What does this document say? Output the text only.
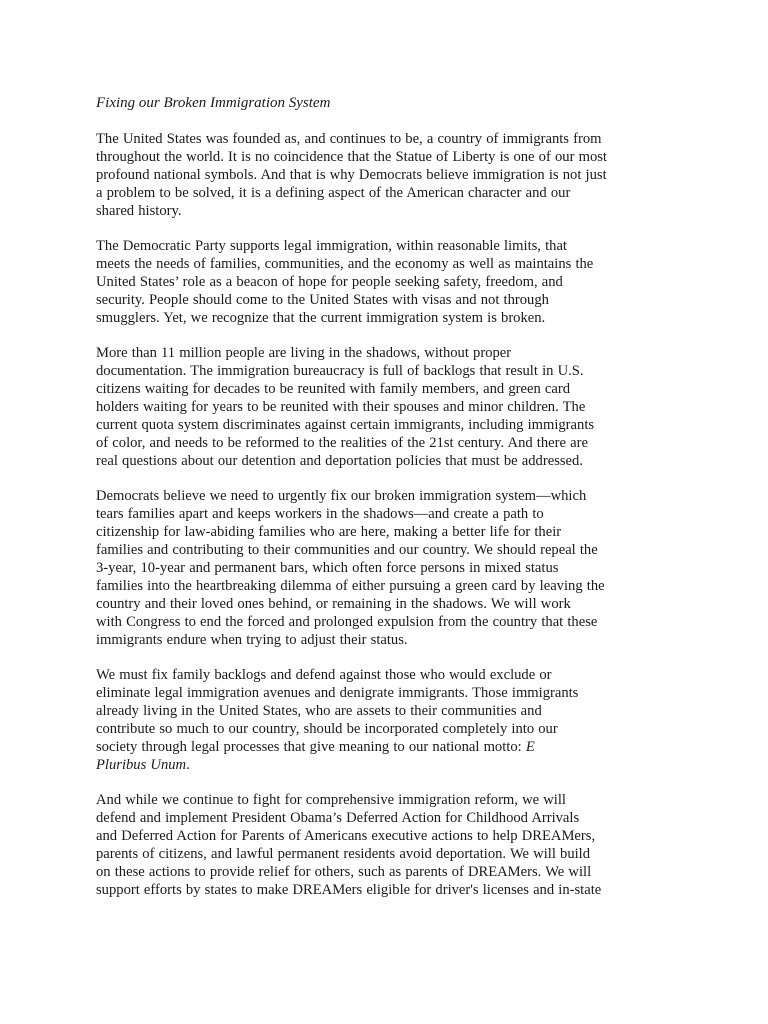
Fixing our Broken Immigration System
The United States was founded as, and continues to be, a country of immigrants from
throughout the world. It is no coincidence that the Statue of Liberty is one of our most
profound national symbols. And that is why Democrats believe immigration is not just
a problem to be solved, it is a defining aspect of the American character and our
shared history.
The Democratic Party supports legal immigration, within reasonable limits, that
meets the needs of families, communities, and the economy as well as maintains the
United States’ role as a beacon of hope for people seeking safety, freedom, and
security. People should come to the United States with visas and not through
smugglers. Yet, we recognize that the current immigration system is broken.
More than 11 million people are living in the shadows, without proper
documentation. The immigration bureaucracy is full of backlogs that result in U.S.
citizens waiting for decades to be reunited with family members, and green card
holders waiting for years to be reunited with their spouses and minor children. The
current quota system discriminates against certain immigrants, including immigrants
of color, and needs to be reformed to the realities of the 21st century. And there are
real questions about our detention and deportation policies that must be addressed.
Democrats believe we need to urgently fix our broken immigration system—which
tears families apart and keeps workers in the shadows—and create a path to
citizenship for law-abiding families who are here, making a better life for their
families and contributing to their communities and our country. We should repeal the
3-year, 10-year and permanent bars, which often force persons in mixed status
families into the heartbreaking dilemma of either pursuing a green card by leaving the
country and their loved ones behind, or remaining in the shadows. We will work
with Congress to end the forced and prolonged expulsion from the country that these
immigrants endure when trying to adjust their status.
We must fix family backlogs and defend against those who would exclude or
eliminate legal immigration avenues and denigrate immigrants. Those immigrants
already living in the United States, who are assets to their communities and
contribute so much to our country, should be incorporated completely into our
society through legal processes that give meaning to our national motto: E
Pluribus Unum.
And while we continue to fight for comprehensive immigration reform, we will
defend and implement President Obama’s Deferred Action for Childhood Arrivals
and Deferred Action for Parents of Americans executive actions to help DREAMers,
parents of citizens, and lawful permanent residents avoid deportation. We will build
on these actions to provide relief for others, such as parents of DREAMers. We will
support efforts by states to make DREAMers eligible for driver's licenses and in-state
